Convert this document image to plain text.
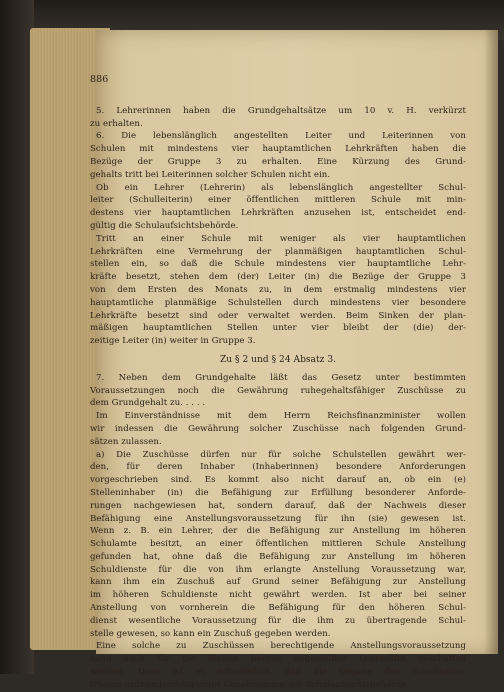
886
5. Lehrerinnen haben die Grundgehaltsätze um 10 v. H. verkürzt
zu erhalten.
6. Die lebenslänglich angestellten Leiter und Leiterinnen von
Schulen mit mindestens vier hauptamtlichen Lehrkräften haben die
Bezüge der Gruppe 3 zu erhalten. Eine Kürzung des Grund-
gehalts tritt bei Leiterinnen solcher Schulen nicht ein.
Ob ein Lehrer (Lehrerin) als lebenslänglich angestellter Schul-
leiter (Schulleiterin) einer öffentlichen mittleren Schule mit min-
destens vier hauptamtlichen Lehrkräften anzusehen ist, entscheidet end-
gültig die Schulaufsichtsbehörde.
Tritt an einer Schule mit weniger als vier hauptamtlichen
Lehrkräften eine Vermehrung der planmäßigen hauptamtlichen Schul-
stellen ein, so daß die Schule mindestens vier hauptamtliche Lehr-
kräfte besetzt, stehen dem (der) Leiter (in) die Bezüge der Gruppe 3
von dem Ersten des Monats zu, in dem erstmalig mindestens vier
hauptamtliche planmäßige Schulstellen durch mindestens vier besondere
Lehrkräfte besetzt sind oder verwaltet werden. Beim Sinken der plan-
mäßigen hauptamtlichen Stellen unter vier bleibt der (die) der-
zeitige Leiter (in) weiter in Gruppe 3.
Zu § 2 und § 24 Absatz 3.
7. Neben dem Grundgehalte läßt das Gesetz unter bestimmten
Voraussetzungen noch die Gewährung ruhegehaltsfähiger Zuschüsse zu
dem Grundgehalt zu. . . . .
Im Einverständnisse mit dem Herrn Reichsfinanzminister wollen
wir indessen die Gewährung solcher Zuschüsse nach folgenden Grund-
sätzen zulassen.
a) Die Zuschüsse dürfen nur für solche Schulstellen gewährt wer-
den, für deren Inhaber (Inhaberinnen) besondere Anforderungen
vorgeschrieben sind. Es kommt also nicht darauf an, ob ein (e)
Stelleninhaber (in) die Befähigung zur Erfüllung besonderer Anforde-
rungen nachgewiesen hat, sondern darauf, daß der Nachweis dieser
Befähigung eine Anstellungsvoraussetzung für ihn (sie) gewesen ist.
Wenn z. B. ein Lehrer, der die Befähigung zur Anstellung im höheren
Schulamte besitzt, an einer öffentlichen mittleren Schule Anstellung
gefunden hat, ohne daß die Befähigung zur Anstellung im höheren
Schuldienste für die von ihm erlangte Anstellung Voraussetzung war,
kann ihm ein Zuschuß auf Grund seiner Befähigung zur Anstellung
im höheren Schuldienste nicht gewährt werden. Ist aber bei seiner
Anstellung von vornherein die Befähigung für den höheren Schul-
dienst wesentliche Voraussetzung für die ihm zu übertragende Schul-
stelle gewesen, so kann ein Zuschuß gegeben werden.
Eine solche zu Zuschüssen berechtigende Anstellungsvoraussetzung
kann auch für die Stellen bereits angestellter Lehrkräfte geschaffen
werden. Dazu ist es erforderlich, daß die Organe des Schullasten-
trägers ordnungsmäßig unter Genehmigung der Schulaufsichtsbehörde
